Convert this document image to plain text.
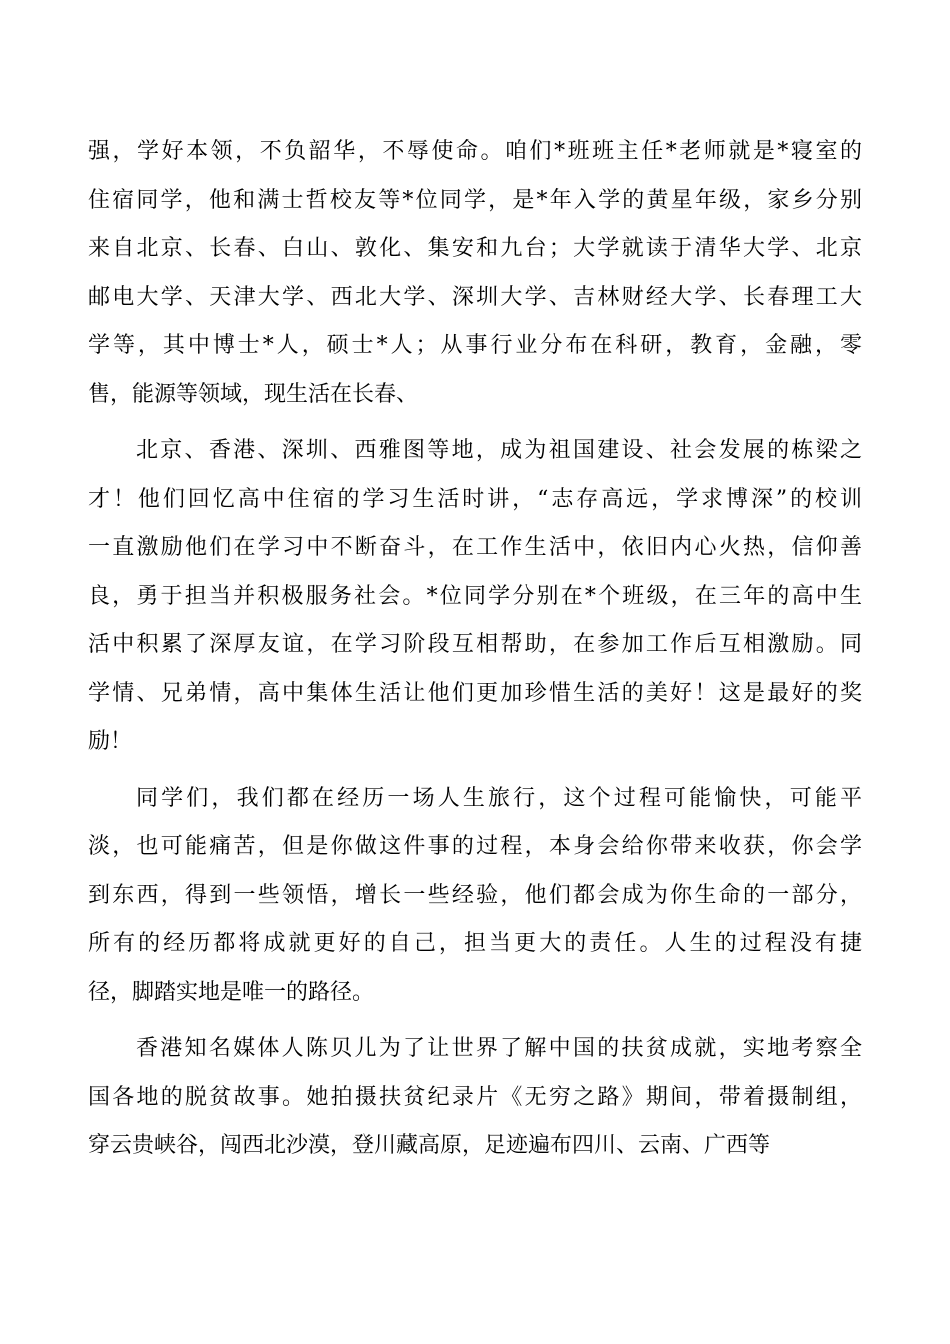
强，学好本领，不负韶华，不辱使命。咱们*班班主任*老师就是*寝室的
住宿同学，他和满士哲校友等*位同学，是*年入学的黄星年级，家乡分别
来自北京、长春、白山、敦化、集安和九台；大学就读于清华大学、北京
邮电大学、天津大学、西北大学、深圳大学、吉林财经大学、长春理工大
学等，其中博士*人，硕士*人；从事行业分布在科研，教育，金融，零
售，能源等领域，现生活在长春、
北京、香港、深圳、西雅图等地，成为祖国建设、社会发展的栋梁之
才！他们回忆高中住宿的学习生活时讲，“志存高远，学求博深”的校训
一直激励他们在学习中不断奋斗，在工作生活中，依旧内心火热，信仰善
良，勇于担当并积极服务社会。*位同学分别在*个班级，在三年的高中生
活中积累了深厚友谊，在学习阶段互相帮助，在参加工作后互相激励。同
学情、兄弟情，高中集体生活让他们更加珍惜生活的美好！这是最好的奖
励！
同学们，我们都在经历一场人生旅行，这个过程可能愉快，可能平
淡，也可能痛苦，但是你做这件事的过程，本身会给你带来收获，你会学
到东西，得到一些领悟，增长一些经验，他们都会成为你生命的一部分，
所有的经历都将成就更好的自己，担当更大的责任。人生的过程没有捷
径，脚踏实地是唯一的路径。
香港知名媒体人陈贝儿为了让世界了解中国的扶贫成就，实地考察全
国各地的脱贫故事。她拍摄扶贫纪录片《无穷之路》期间，带着摄制组，
穿云贵峡谷，闯西北沙漠，登川藏高原，足迹遍布四川、云南、广西等
